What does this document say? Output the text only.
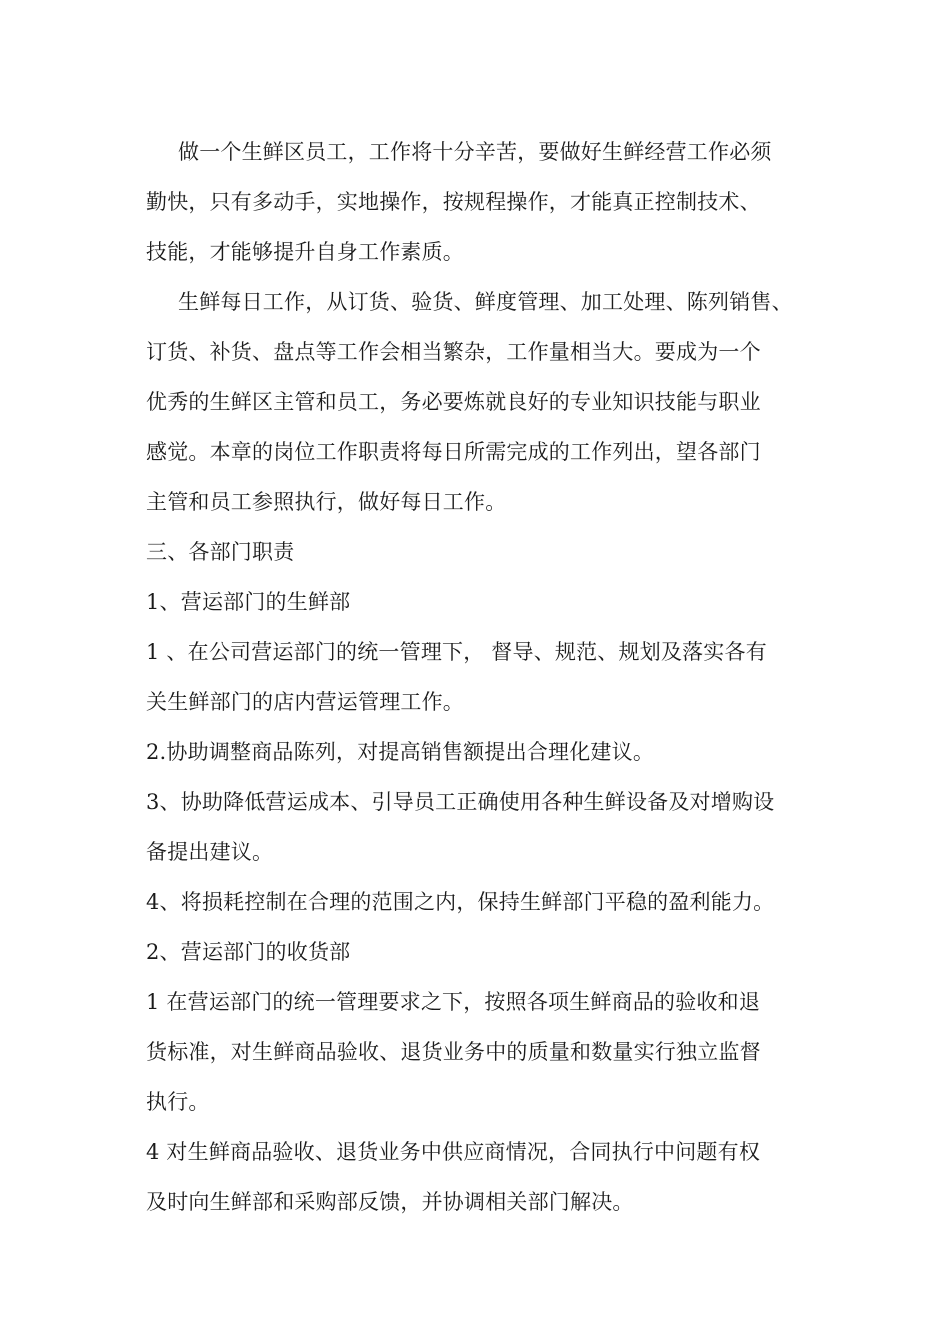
做一个生鲜区员工，工作将十分辛苦，要做好生鲜经营工作必须
勤快，只有多动手，实地操作，按规程操作，才能真正控制技术、
技能，才能够提升自身工作素质。
生鲜每日工作，从订货、验货、鲜度管理、加工处理、陈列销售、
订货、补货、盘点等工作会相当繁杂，工作量相当大。要成为一个
优秀的生鲜区主管和员工，务必要炼就良好的专业知识技能与职业
感觉。本章的岗位工作职责将每日所需完成的工作列出，望各部门
主管和员工参照执行，做好每日工作。
三、各部门职责
1、营运部门的生鲜部
1 、在公司营运部门的统一管理下， 督导、规范、规划及落实各有
关生鲜部门的店内营运管理工作。
2.协助调整商品陈列，对提高销售额提出合理化建议。
3、协助降低营运成本、引导员工正确使用各种生鲜设备及对增购设
备提出建议。
4、将损耗控制在合理的范围之内，保持生鲜部门平稳的盈利能力。
2、营运部门的收货部
1 在营运部门的统一管理要求之下，按照各项生鲜商品的验收和退
货标准，对生鲜商品验收、退货业务中的质量和数量实行独立监督
执行。
4 对生鲜商品验收、退货业务中供应商情况，合同执行中问题有权
及时向生鲜部和采购部反馈，并协调相关部门解决。
